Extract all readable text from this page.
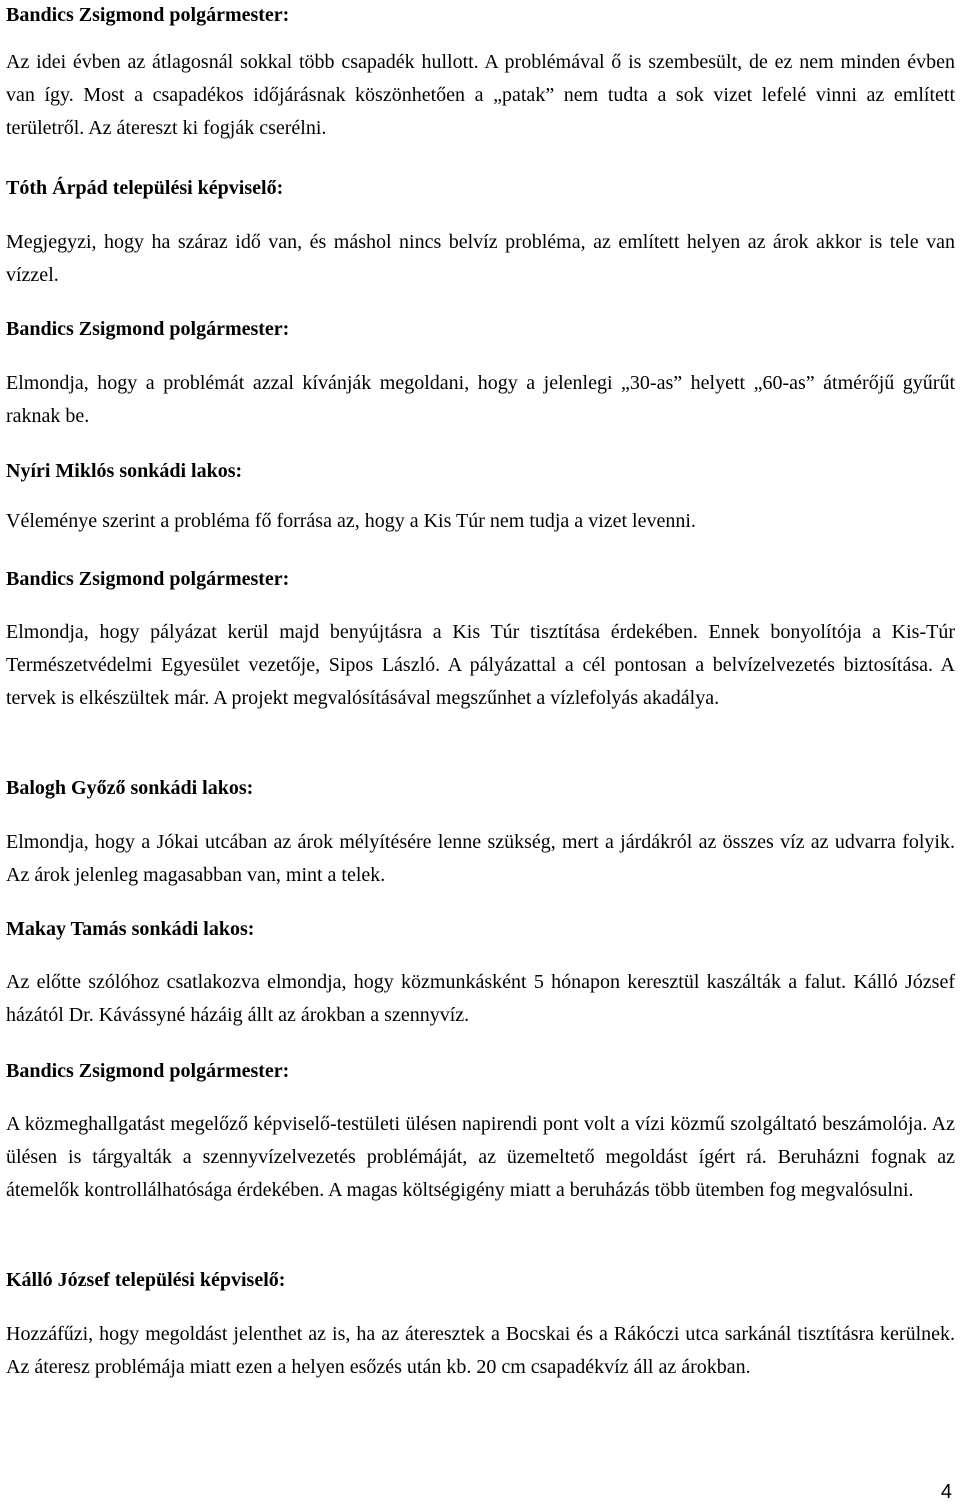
Bandics Zsigmond polgármester:

Az idei évben az átlagosnál sokkal több csapadék hullott. A problémával ő is szembesült, de ez nem minden évben van így. Most a csapadékos időjárásnak köszönhetően a „patak” nem tudta a sok vizet lefelé vinni az említett területről. Az átereszt ki fogják cserélni.

Tóth Árpád települési képviselő:

Megjegyzi, hogy ha száraz idő van, és máshol nincs belvíz probléma, az említett helyen az árok akkor is tele van vízzel.

Bandics Zsigmond polgármester:

Elmondja, hogy a problémát azzal kívánják megoldani, hogy a jelenlegi „30-as” helyett „60-as” átmérőjű gyűrűt raknak be.

Nyíri Miklós sonkádi lakos:

Véleménye szerint a probléma fő forrása az, hogy a Kis Túr nem tudja a vizet levenni.

Bandics Zsigmond polgármester:

Elmondja, hogy pályázat kerül majd benyújtásra a Kis Túr tisztítása érdekében. Ennek bonyolítója a Kis-Túr Természetvédelmi Egyesület vezetője, Sipos László. A pályázattal a cél pontosan a belvízelvezetés biztosítása. A tervek is elkészültek már. A projekt megvalósításával megszűnhet a vízlefolyás akadálya.

Balogh Győző sonkádi lakos:

Elmondja, hogy a Jókai utcában az árok mélyítésére lenne szükség, mert a járdákról az összes víz az udvarra folyik. Az árok jelenleg magasabban van, mint a telek.

Makay Tamás sonkádi lakos:

Az előtte szólóhoz csatlakozva elmondja, hogy közmunkásként 5 hónapon keresztül kaszálták a falut. Kálló József házától Dr. Kávássyné házáig állt az árokban a szennyvíz.

Bandics Zsigmond polgármester:

A közmeghallgatást megelőző képviselő-testületi ülésen napirendi pont volt a vízi közmű szolgáltató beszámolója. Az ülésen is tárgyalták a szennyvízelvezetés problémáját, az üzemeltető megoldást ígért rá. Beruházni fognak az átemelők kontrollálhatósága érdekében. A magas költségigény miatt a beruházás több ütemben fog megvalósulni.

Kálló József települési képviselő:

Hozzáfűzi, hogy megoldást jelenthet az is, ha az áteresztek a Bocskai és a Rákóczi utca sarkánál tisztításra kerülnek. Az áteresz problémája miatt ezen a helyen esőzés után kb. 20 cm csapadékvíz áll az árokban.

4
